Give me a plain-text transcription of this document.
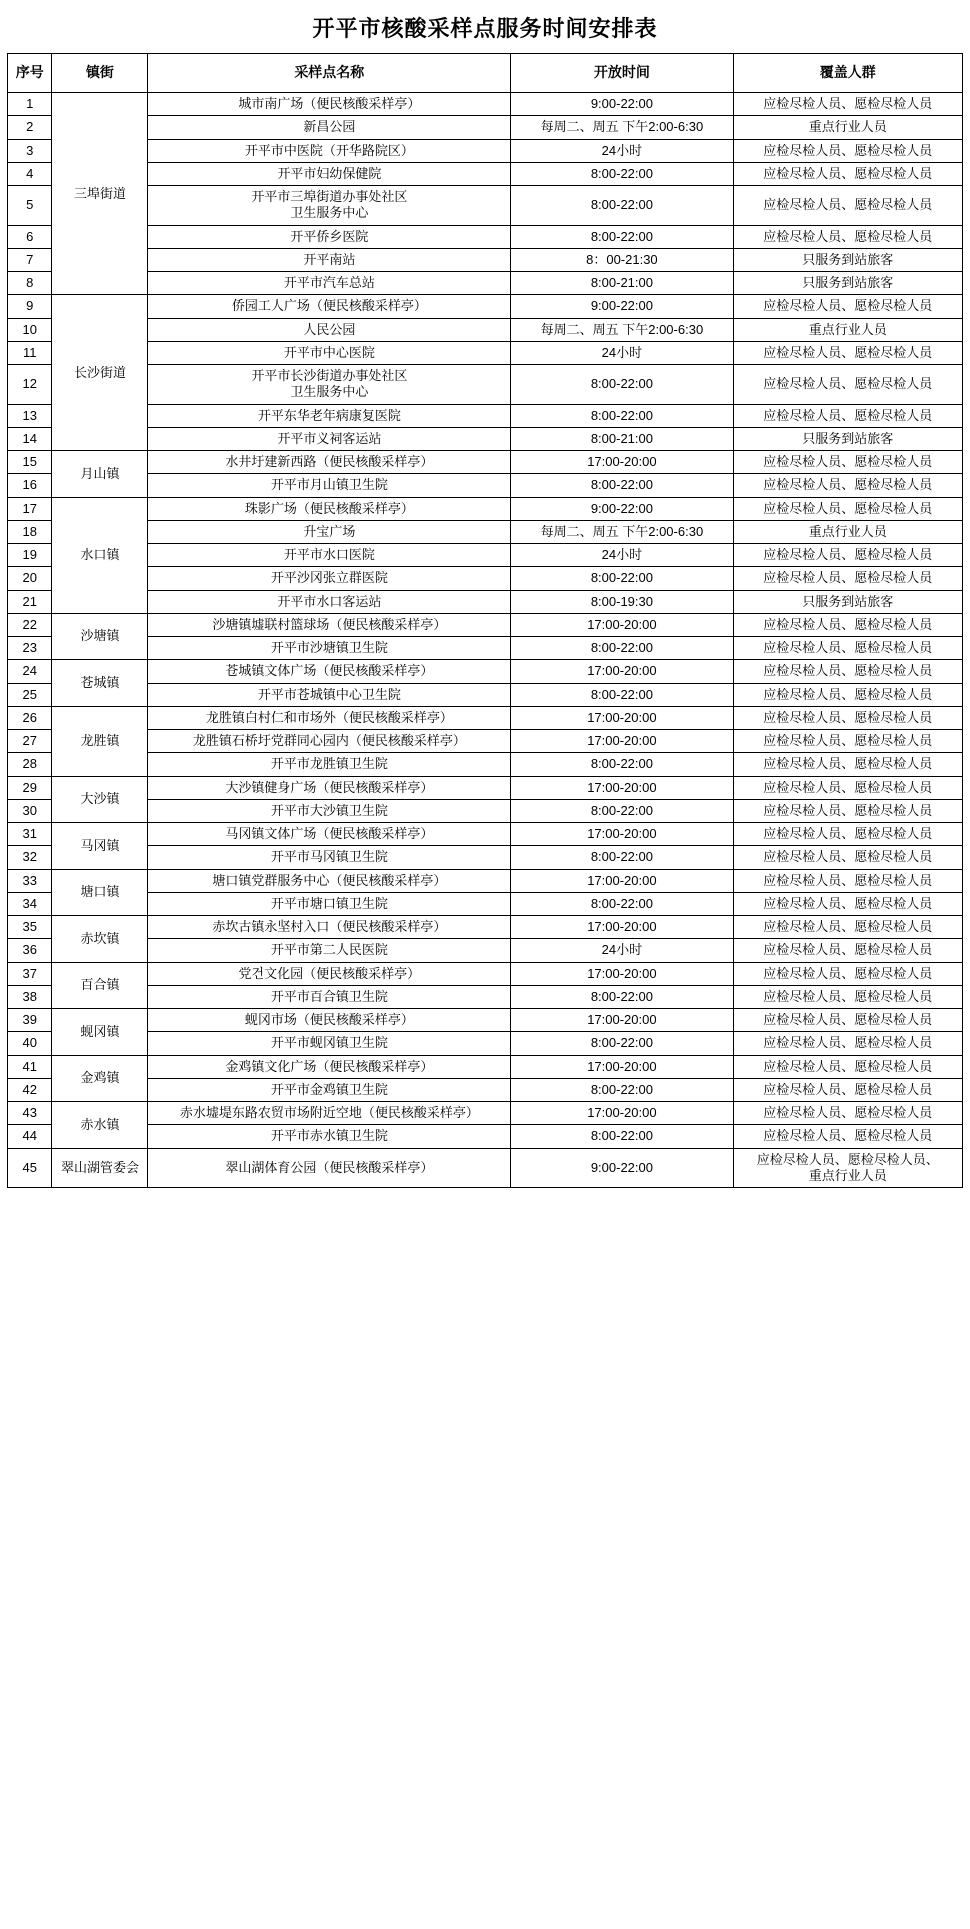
开平市核酸采样点服务时间安排表
序号	镇街	采样点名称	开放时间	覆盖人群
1	三埠街道	城市南广场（便民核酸采样亭）	9:00-22:00	应检尽检人员、愿检尽检人员
2		新昌公园	每周二、周五 下午2:00-6:30	重点行业人员
3		开平市中医院（开华路院区）	24小时	应检尽检人员、愿检尽检人员
4		开平市妇幼保健院	8:00-22:00	应检尽检人员、愿检尽检人员
5		开平市三埠街道办事处社区
卫生服务中心	8:00-22:00	应检尽检人员、愿检尽检人员
6		开平侨乡医院	8:00-22:00	应检尽检人员、愿检尽检人员
7		开平南站	8：00-21:30	只服务到站旅客
8		开平市汽车总站	8:00-21:00	只服务到站旅客
9	长沙街道	侨园工人广场（便民核酸采样亭）	9:00-22:00	应检尽检人员、愿检尽检人员
10		人民公园	每周二、周五 下午2:00-6:30	重点行业人员
11		开平市中心医院	24小时	应检尽检人员、愿检尽检人员
12		开平市长沙街道办事处社区
卫生服务中心	8:00-22:00	应检尽检人员、愿检尽检人员
13		开平东华老年病康复医院	8:00-22:00	应检尽检人员、愿检尽检人员
14		开平市义祠客运站	8:00-21:00	只服务到站旅客
15	月山镇	水井圩建新西路（便民核酸采样亭）	17:00-20:00	应检尽检人员、愿检尽检人员
16		开平市月山镇卫生院	8:00-22:00	应检尽检人员、愿检尽检人员
17	水口镇	珠影广场（便民核酸采样亭）	9:00-22:00	应检尽检人员、愿检尽检人员
18		升宝广场	每周二、周五 下午2:00-6:30	重点行业人员
19		开平市水口医院	24小时	应检尽检人员、愿检尽检人员
20		开平沙冈张立群医院	8:00-22:00	应检尽检人员、愿检尽检人员
21		开平市水口客运站	8:00-19:30	只服务到站旅客
22	沙塘镇	沙塘镇墟联村篮球场（便民核酸采样亭）	17:00-20:00	应检尽检人员、愿检尽检人员
23		开平市沙塘镇卫生院	8:00-22:00	应检尽检人员、愿检尽检人员
24	苍城镇	苍城镇文体广场（便民核酸采样亭）	17:00-20:00	应检尽检人员、愿检尽检人员
25		开平市苍城镇中心卫生院	8:00-22:00	应检尽检人员、愿检尽检人员
26	龙胜镇	龙胜镇白村仁和市场外（便民核酸采样亭）	17:00-20:00	应检尽检人员、愿检尽检人员
27		龙胜镇石桥圩党群同心园内（便民核酸采样亭）	17:00-20:00	应检尽检人员、愿检尽检人员
28		开平市龙胜镇卫生院	8:00-22:00	应检尽检人员、愿检尽检人员
29	大沙镇	大沙镇健身广场（便民核酸采样亭）	17:00-20:00	应检尽检人员、愿检尽检人员
30		开平市大沙镇卫生院	8:00-22:00	应检尽检人员、愿检尽检人员
31	马冈镇	马冈镇文体广场（便民核酸采样亭）	17:00-20:00	应检尽检人员、愿检尽检人员
32		开平市马冈镇卫生院	8:00-22:00	应检尽检人员、愿检尽检人员
33	塘口镇	塘口镇党群服务中心（便民核酸采样亭）	17:00-20:00	应检尽检人员、愿检尽检人员
34		开平市塘口镇卫生院	8:00-22:00	应检尽检人员、愿检尽检人员
35	赤坎镇	赤坎古镇永坚村入口（便民核酸采样亭）	17:00-20:00	应检尽检人员、愿检尽检人员
36		开平市第二人民医院	24小时	应检尽检人员、愿检尽检人员
37	百合镇	党건文化园（便民核酸采样亭）	17:00-20:00	应检尽检人员、愿检尽检人员
38		开平市百合镇卫生院	8:00-22:00	应检尽检人员、愿检尽检人员
39	蚬冈镇	蚬冈市场（便民核酸采样亭）	17:00-20:00	应检尽检人员、愿检尽检人员
40		开平市蚬冈镇卫生院	8:00-22:00	应检尽检人员、愿检尽检人员
41	金鸡镇	金鸡镇文化广场（便民核酸采样亭）	17:00-20:00	应检尽检人员、愿检尽检人员
42		开平市金鸡镇卫生院	8:00-22:00	应检尽检人员、愿检尽检人员
43	赤水镇	赤水墟堤东路农贸市场附近空地（便民核酸采样亭）	17:00-20:00	应检尽检人员、愿检尽检人员
44		开平市赤水镇卫生院	8:00-22:00	应检尽检人员、愿检尽检人员
45	翠山湖管委会	翠山湖体育公园（便民核酸采样亭）	9:00-22:00	应检尽检人员、愿检尽检人员、
重点行业人员
